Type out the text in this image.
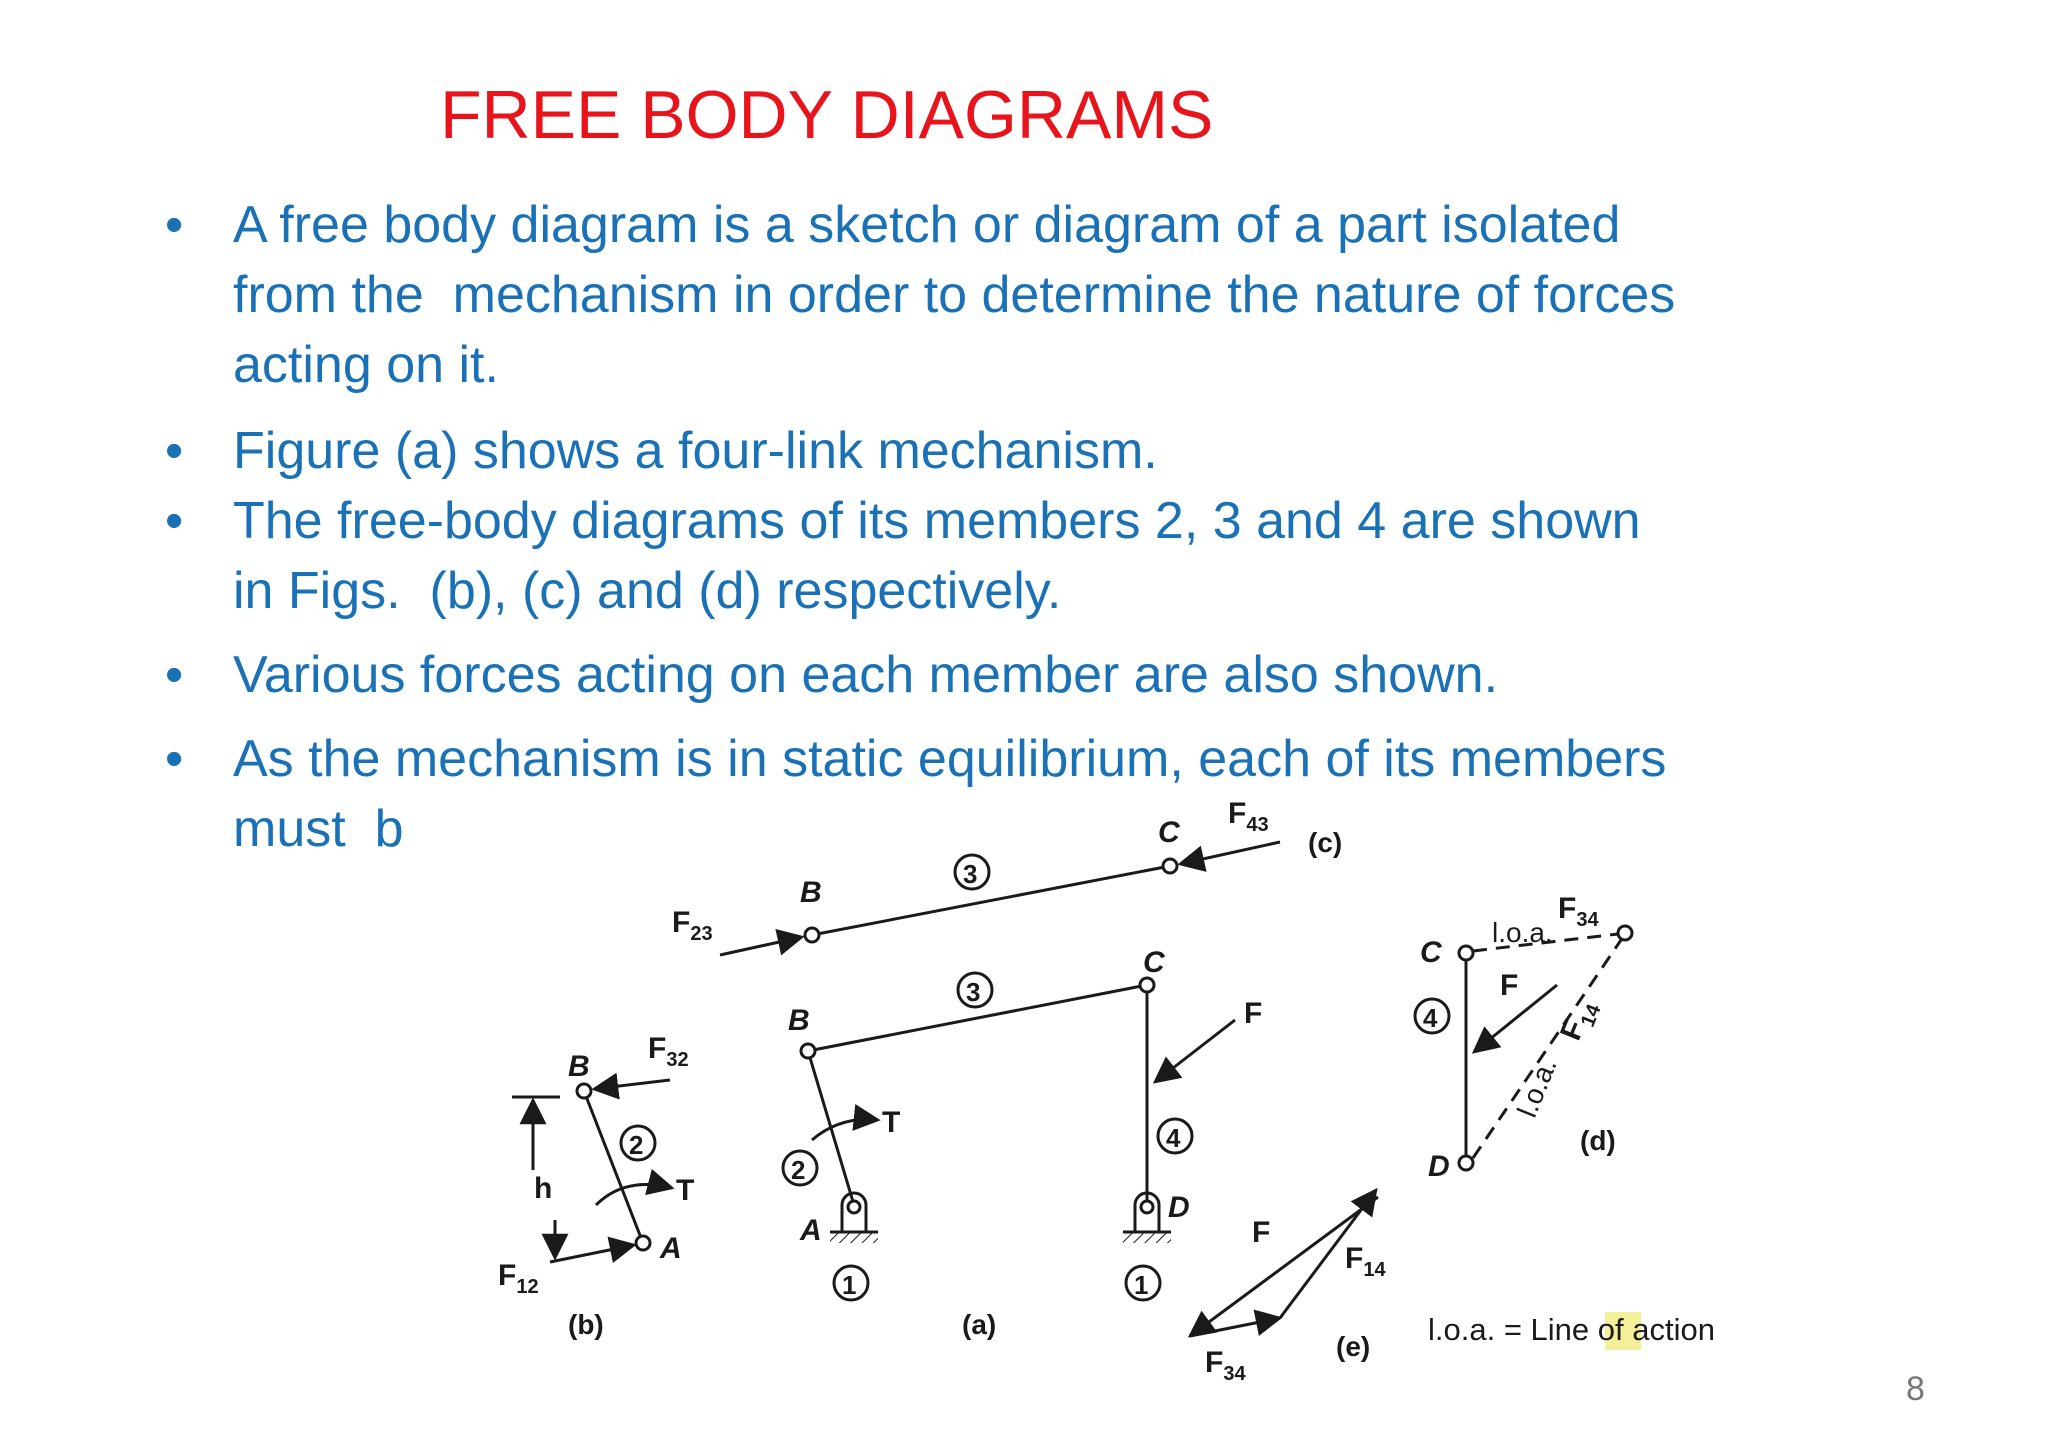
FREE BODY DIAGRAMS
• A free body diagram is a sketch or diagram of a part isolated
from the  mechanism in order to determine the nature of forces
acting on it.
• Figure (a) shows a four-link mechanism.
• The free-body diagrams of its members 2, 3 and 4 are shown
in Figs.  (b), (c) and (d) respectively.
• Various forces acting on each member are also shown.
• As the mechanism is in static equilibrium, each of its members
must  b
B
C
$F_{23}$
$F_{43}$
3
(c)
B
C
A
D
T
F
3
2
4
1	1
(a)
B
A
$F_{32}$
$F_{12}$
h	T
2
(b)
C
D
l.o.a.
$F_{34}$
F
4
l.o.a.
$F_{14}$
(d)
F
$F_{14}$
$F_{34}$
(e) l.o.a. = Line of action
8
